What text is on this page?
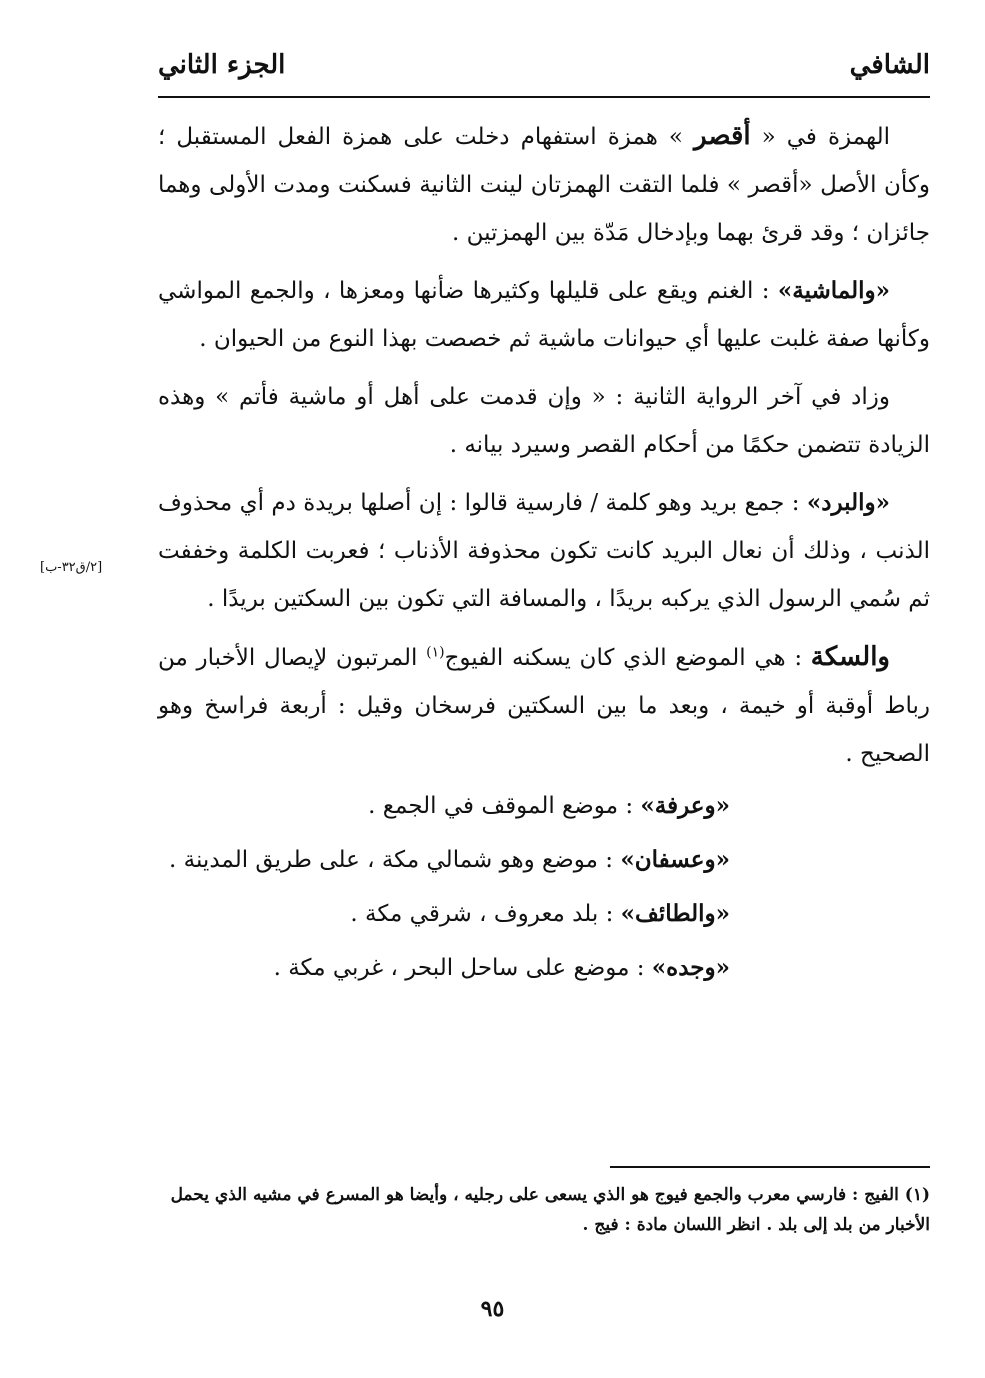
الشافي
الجزء الثاني
[٢/ق٣٢-ب]

الهمزة في « أقصر » همزة استفهام دخلت على همزة الفعل المستقبل ؛ وكأن الأصل «أقصر » فلما التقت الهمزتان لينت الثانية فسكنت ومدت الأولى وهما جائزان ؛ وقد قرئ بهما وبإدخال مَدّة بين الهمزتين .

«والماشية» : الغنم ويقع على قليلها وكثيرها ضأنها ومعزها ، والجمع المواشي وكأنها صفة غلبت عليها أي حيوانات ماشية ثم خصصت بهذا النوع من الحيوان .

وزاد في آخر الرواية الثانية : « وإن قدمت على أهل أو ماشية فأتم » وهذه الزيادة تتضمن حكمًا من أحكام القصر وسيرد بيانه .

«والبرد» : جمع بريد وهو كلمة / فارسية قالوا : إن أصلها بريدة دم أي محذوف الذنب ، وذلك أن نعال البريد كانت تكون محذوفة الأذناب ؛ فعربت الكلمة وخففت ثم سُمي الرسول الذي يركبه بريدًا ، والمسافة التي تكون بين السكتين بريدًا .

والسكة : هي الموضع الذي كان يسكنه الفيوج$^{(١)}$ المرتبون لإيصال الأخبار من رباط أوقبة أو خيمة ، وبعد ما بين السكتين فرسخان وقيل : أربعة فراسخ وهو الصحيح .

«وعرفة» : موضع الموقف في الجمع .

«وعسفان» : موضع وهو شمالي مكة ، على طريق المدينة .

«والطائف» : بلد معروف ، شرقي مكة .

«وجده» : موضع على ساحل البحر ، غربي مكة .

(١) الفيج : فارسي معرب والجمع فيوج هو الذي يسعى على رجليه ، وأيضا هو المسرع في مشيه الذي يحمل الأخبار من بلد إلى بلد . انظر اللسان مادة : فيج .

٩٥
